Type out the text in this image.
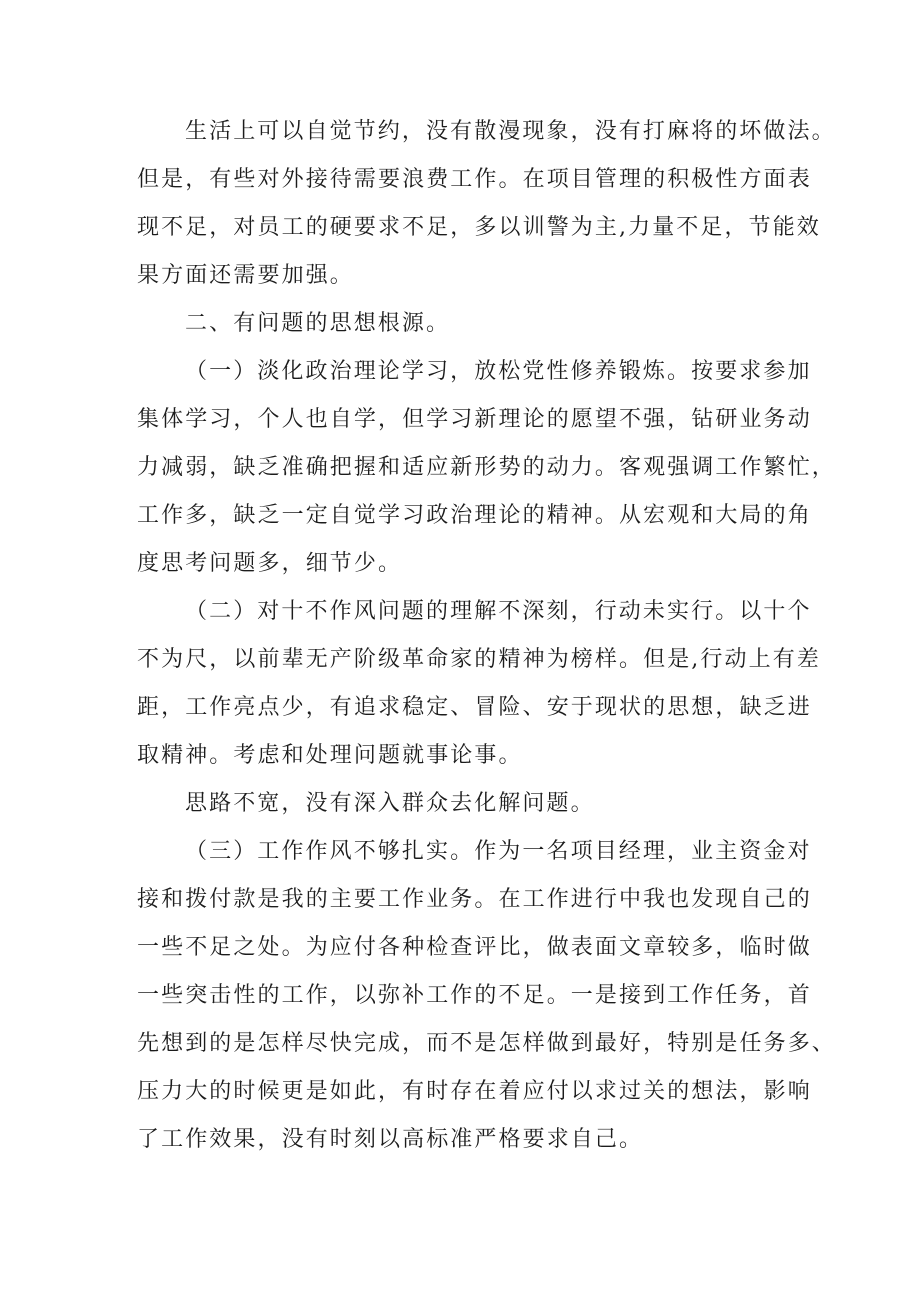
生活上可以自觉节约，没有散漫现象，没有打麻将的坏做法。
但是，有些对外接待需要浪费工作。在项目管理的积极性方面表
现不足，对员工的硬要求不足，多以训警为主,力量不足，节能效
果方面还需要加强。

二、有问题的思想根源。

（一）淡化政治理论学习，放松党性修养锻炼。按要求参加
集体学习，个人也自学，但学习新理论的愿望不强，钻研业务动
力减弱，缺乏准确把握和适应新形势的动力。客观强调工作繁忙，
工作多，缺乏一定自觉学习政治理论的精神。从宏观和大局的角
度思考问题多，细节少。

（二）对十不作风问题的理解不深刻，行动未实行。以十个
不为尺，以前辈无产阶级革命家的精神为榜样。但是,行动上有差
距，工作亮点少，有追求稳定、冒险、安于现状的思想，缺乏进
取精神。考虑和处理问题就事论事。

思路不宽，没有深入群众去化解问题。

（三）工作作风不够扎实。作为一名项目经理，业主资金对
接和拨付款是我的主要工作业务。在工作进行中我也发现自己的
一些不足之处。为应付各种检查评比，做表面文章较多，临时做
一些突击性的工作，以弥补工作的不足。一是接到工作任务，首
先想到的是怎样尽快完成，而不是怎样做到最好，特别是任务多、
压力大的时候更是如此，有时存在着应付以求过关的想法，影响
了工作效果，没有时刻以高标准严格要求自己。
